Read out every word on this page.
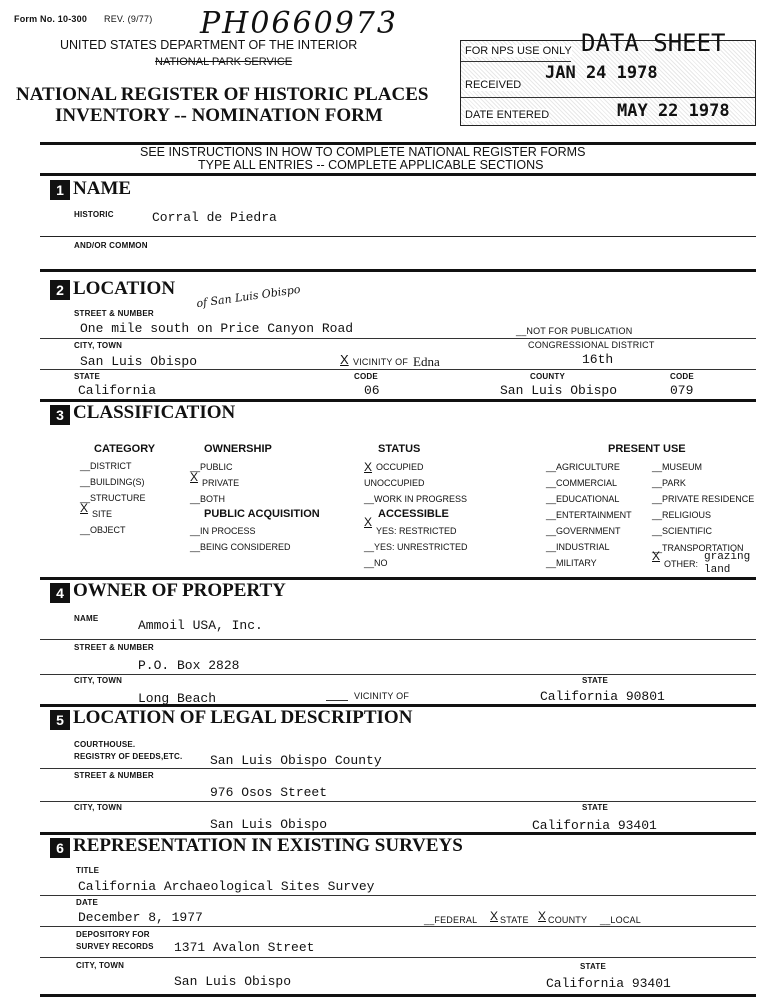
Form No. 10-300 REV. (9/77) PH0660973
UNITED STATES DEPARTMENT OF THE INTERIOR
NATIONAL PARK SERVICE
NATIONAL REGISTER OF HISTORIC PLACES
INVENTORY -- NOMINATION FORM
FOR NPS USE ONLY DATA SHEET
RECEIVED
JAN 24 1978
DATE ENTERED	MAY 22 1978
SEE INSTRUCTIONS IN HOW TO COMPLETE NATIONAL REGISTER FORMS
TYPE ALL ENTRIES -- COMPLETE APPLICABLE SECTIONS
1 NAME
HISTORIC	Corral de Piedra
AND/OR COMMON
2 LOCATION of San Luis Obispo
STREET & NUMBER
One mile south on Price Canyon Road	__NOT FOR PUBLICATION
CITY, TOWN	CONGRESSIONAL DISTRICT
San Luis Obispo	X VICINITY OF Edna	16th
STATE	CODE	COUNTY	CODE
California	06	San Luis Obispo	079
3 CLASSIFICATION
CATEGORY
__DISTRICT
__BUILDING(S)
__STRUCTURE
X SITE
__OBJECT
OWNERSHIP
__PUBLIC
X PRIVATE
__BOTH
PUBLIC ACQUISITION
__IN PROCESS
__BEING CONSIDERED
STATUS
X OCCUPIED
UNOCCUPIED
__WORK IN PROGRESS
ACCESSIBLE
X
YES: RESTRICTED
__YES: UNRESTRICTED
__NO
PRESENT USE
__AGRICULTURE
__COMMERCIAL
__EDUCATIONAL
__ENTERTAINMENT
__GOVERNMENT
__INDUSTRIAL
__MILITARY
__MUSEUM
__PARK
__PRIVATE RESIDENCE
__RELIGIOUS
__SCIENTIFIC
__TRANSPORTATION
X
OTHER:
grazing land
4 OWNER OF PROPERTY
NAME	Ammoil USA, Inc.
STREET & NUMBER
P.O. Box 2828
CITY, TOWN	STATE
Long Beach	VICINITY OF	California 90801
5 LOCATION OF LEGAL DESCRIPTION
COURTHOUSE.
REGISTRY OF DEEDS,ETC. San Luis Obispo County
STREET & NUMBER
976 Osos Street
CITY, TOWN	STATE
San Luis Obispo	California 93401
6 REPRESENTATION IN EXISTING SURVEYS
TITLE
California Archaeological Sites Survey
DATE
December 8, 1977	__FEDERAL X STATE X COUNTY __LOCAL
DEPOSITORY FOR
SURVEY RECORDS 1371 Avalon Street
CITY, TOWN	STATE
San Luis Obispo	California 93401
